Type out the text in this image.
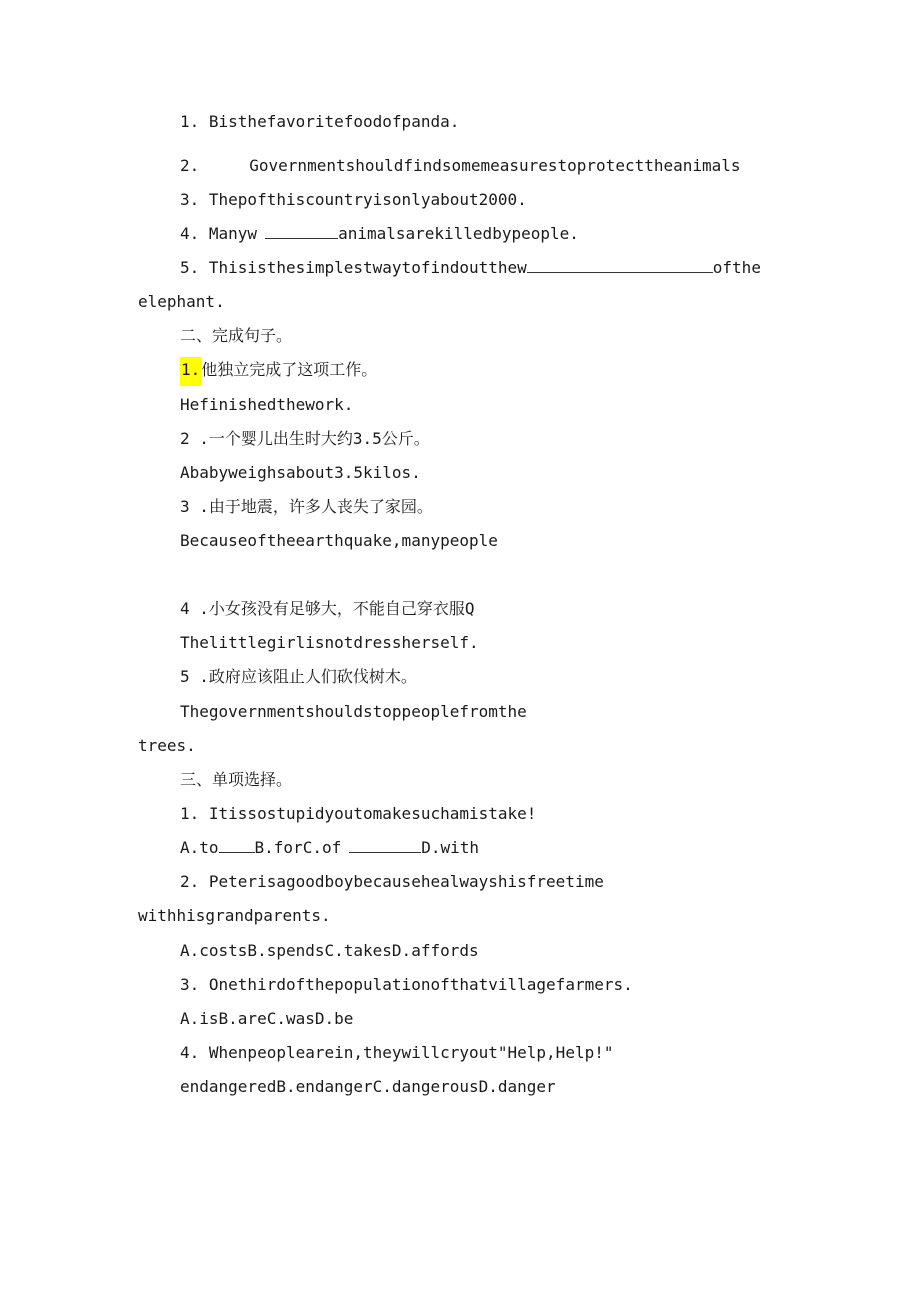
1. Bisthefavoritefoodofpanda.
2.	Governmentshouldfindsomemeasurestoprotecttheanimals
3. Thepofthiscountryisonlyabout2000.
4. Manyw	animalsarekilledbypeople.
5. Thisisthesimplestwaytofindoutthew	ofthe
elephant.
二、完成句子。
1.他独立完成了这项工作。
Hefinishedthework.
2 .一个婴儿出生时大约3.5公斤。
Ababyweighsabout3.5kilos.
3 .由于地震，许多人丧失了家园。
Becauseoftheearthquake,manypeople
4 .小女孩没有足够大，不能自己穿衣服Q
Thelittlegirlisnotdressherself.
5 .政府应该阻止人们砍伐树木。
Thegovernmentshouldstoppeoplefromthe
trees.
三、单项选择。
1. Itissostupidyoutomakesuchamistake!
A.to B.forC.of	D.with
2. Peterisagoodboybecausehealwayshisfreetime
withhisgrandparents.
A.costsB.spendsC.takesD.affords
3. Onethirdofthepopulationofthatvillagefarmers.
A.isB.areC.wasD.be
4. Whenpeoplearein,theywillcryout"Help,Help!"
endangeredB.endangerC.dangerousD.danger
